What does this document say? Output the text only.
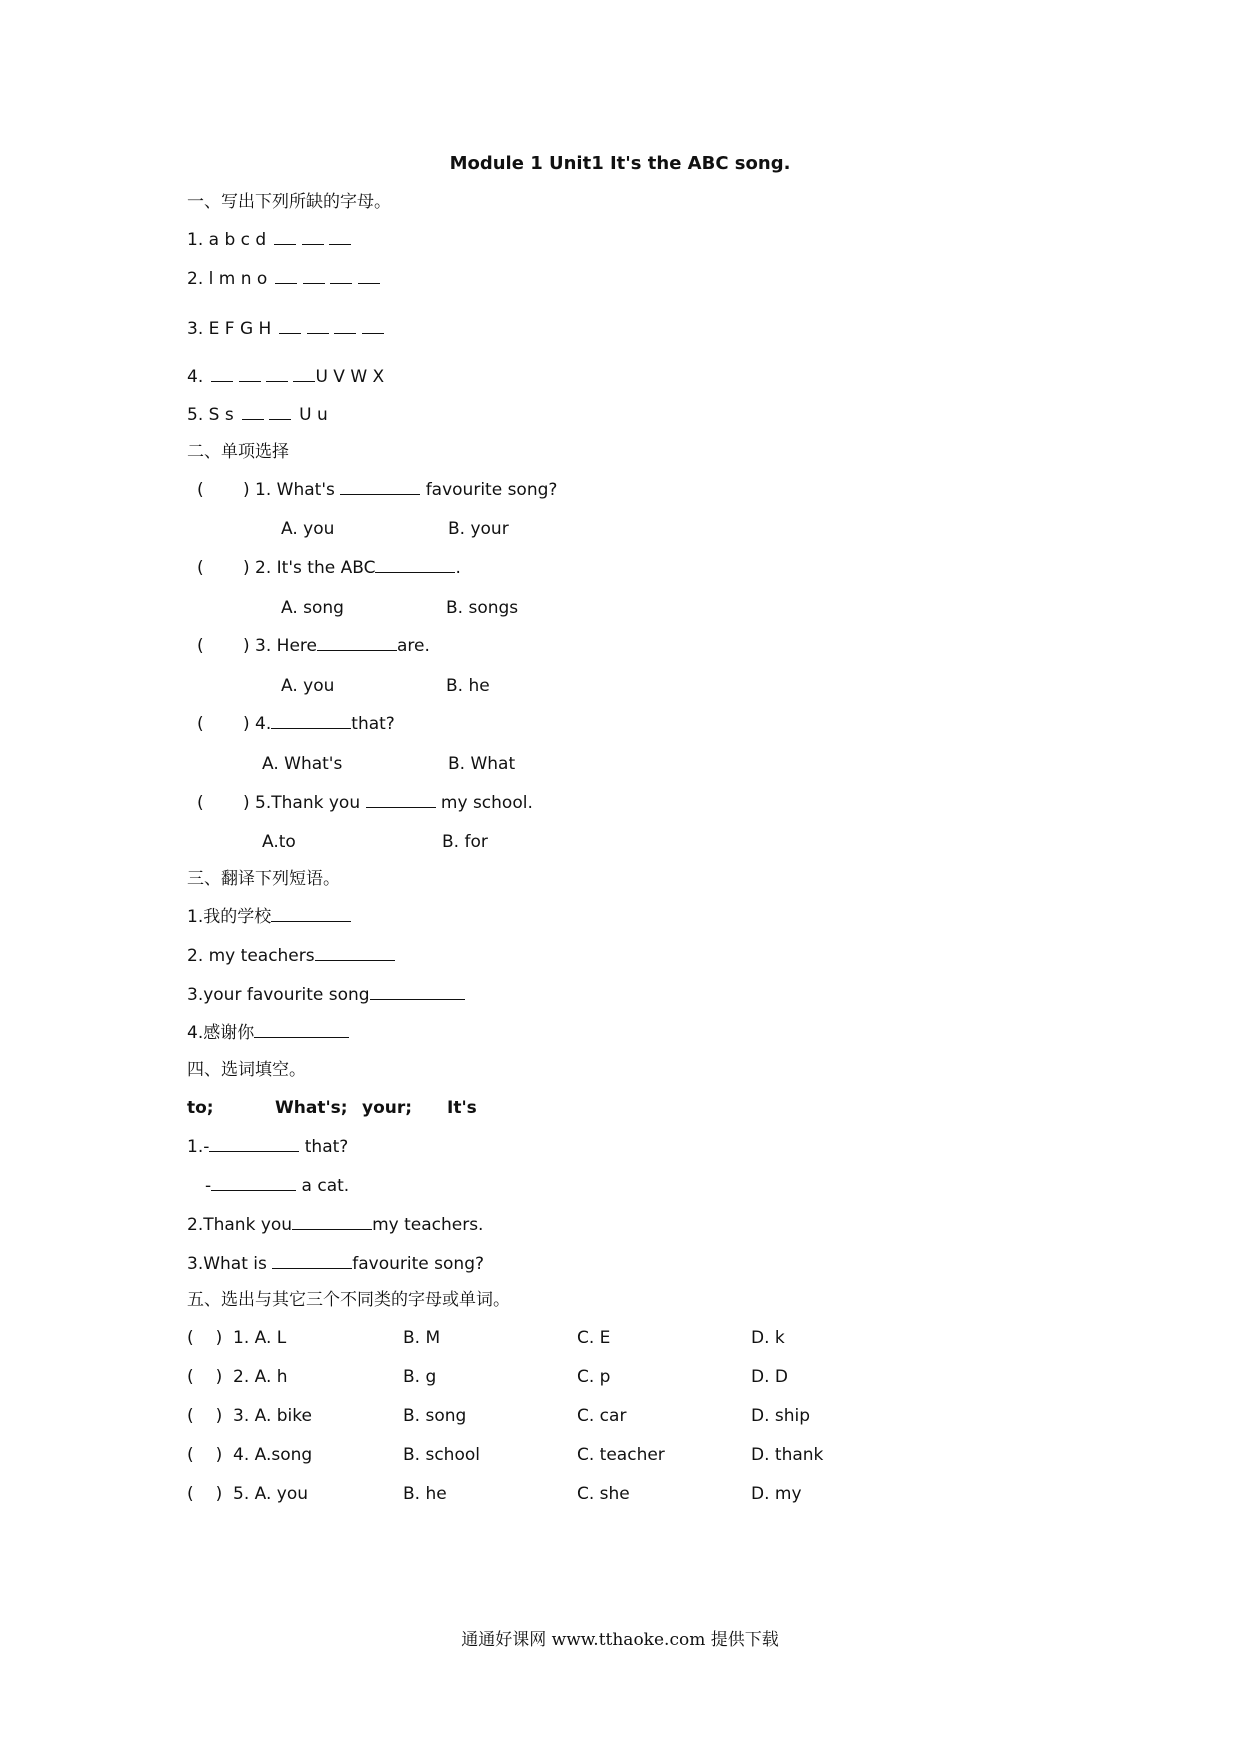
Module 1 Unit1 It's the ABC song.
一、写出下列所缺的字母。
1. a b c d
2. l m n o
3. E F G H
4.	U V W X
5. S s	U u
二、单项选择
( ) 1. What's	favourite song?
A. you	B. your
( ) 2. It's the ABC	.
A. song	B. songs
( ) 3. Here	are.
A. you	B. he
( ) 4.	that?
A. What's	B. What
( ) 5.Thank you	my school.
A.to	B. for
三、翻译下列短语。
1.我的学校
2. my teachers
3.your favourite song
4.感谢你
四、选词填空。
to;	What's; your; It's
1.-	that?
-	a cat.
2.Thank you	my teachers.
3.What is	favourite song?
五、选出与其它三个不同类的字母或单词。
( ) 1. A. L	B. M	C. E	D. k
( ) 2. A. h	B. g	C. p	D. D
( ) 3. A. bike	B. song	C. car	D. ship
( ) 4. A.song	B. school	C. teacher	D. thank
( ) 5. A. you	B. he	C. she	D. my
通通好课网 www.tthaoke.com 提供下载
